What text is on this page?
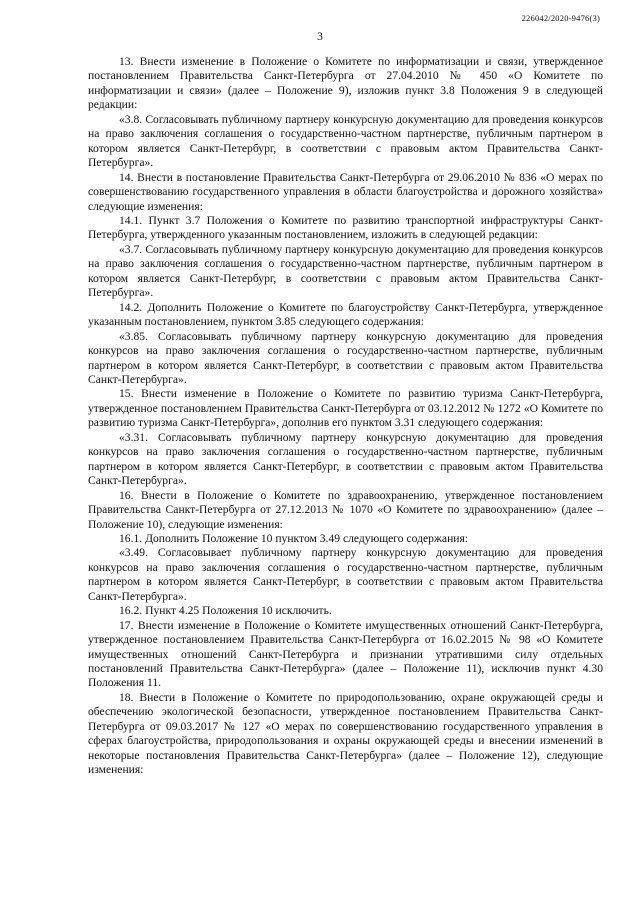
226042/2020-9476(3)
3

13. Внести изменение в Положение о Комитете по информатизации и связи, утвержденное постановлением Правительства Санкт-Петербурга от 27.04.2010 № 450 «О Комитете по информатизации и связи» (далее – Положение 9), изложив пункт 3.8 Положения 9 в следующей редакции:

«3.8. Согласовывать публичному партнеру конкурсную документацию для проведения конкурсов на право заключения соглашения о государственно-частном партнерстве, публичным партнером в котором является Санкт-Петербург, в соответствии с правовым актом Правительства Санкт-Петербурга».

14. Внести в постановление Правительства Санкт-Петербурга от 29.06.2010 № 836 «О мерах по совершенствованию государственного управления в области благоустройства и дорожного хозяйства» следующие изменения:

14.1. Пункт 3.7 Положения о Комитете по развитию транспортной инфраструктуры Санкт-Петербурга, утвержденного указанным постановлением, изложить в следующей редакции:

«3.7. Согласовывать публичному партнеру конкурсную документацию для проведения конкурсов на право заключения соглашения о государственно-частном партнерстве, публичным партнером в котором является Санкт-Петербург, в соответствии с правовым актом Правительства Санкт-Петербурга».

14.2. Дополнить Положение о Комитете по благоустройству Санкт-Петербурга, утвержденное указанным постановлением, пунктом 3.85 следующего содержания:

«3.85. Согласовывать публичному партнеру конкурсную документацию для проведения конкурсов на право заключения соглашения о государственно-частном партнерстве, публичным партнером в котором является Санкт-Петербург, в соответствии с правовым актом Правительства Санкт-Петербурга».

15. Внести изменение в Положение о Комитете по развитию туризма Санкт-Петербурга, утвержденное постановлением Правительства Санкт-Петербурга от 03.12.2012 № 1272 «О Комитете по развитию туризма Санкт-Петербурга», дополнив его пунктом 3.31 следующего содержания:

«3.31. Согласовывать публичному партнеру конкурсную документацию для проведения конкурсов на право заключения соглашения о государственно-частном партнерстве, публичным партнером в котором является Санкт-Петербург, в соответствии с правовым актом Правительства Санкт-Петербурга».

16. Внести в Положение о Комитете по здравоохранению, утвержденное постановлением Правительства Санкт-Петербурга от 27.12.2013 № 1070 «О Комитете по здравоохранению» (далее – Положение 10), следующие изменения:

16.1. Дополнить Положение 10 пунктом 3.49 следующего содержания:

«3.49. Согласовывает публичному партнеру конкурсную документацию для проведения конкурсов на право заключения соглашения о государственно-частном партнерстве, публичным партнером в котором является Санкт-Петербург, в соответствии с правовым актом Правительства Санкт-Петербурга».

16.2. Пункт 4.25 Положения 10 исключить.

17. Внести изменение в Положение о Комитете имущественных отношений Санкт-Петербурга, утвержденное постановлением Правительства Санкт-Петербурга от 16.02.2015 № 98 «О Комитете имущественных отношений Санкт-Петербурга и признании утратившими силу отдельных постановлений Правительства Санкт-Петербурга» (далее – Положение 11), исключив пункт 4.30 Положения 11.

18. Внести в Положение о Комитете по природопользованию, охране окружающей среды и обеспечению экологической безопасности, утвержденное постановлением Правительства Санкт-Петербурга от 09.03.2017 № 127 «О мерах по совершенствованию государственного управления в сферах благоустройства, природопользования и охраны окружающей среды и внесении изменений в некоторые постановления Правительства Санкт-Петербурга» (далее – Положение 12), следующие изменения:
